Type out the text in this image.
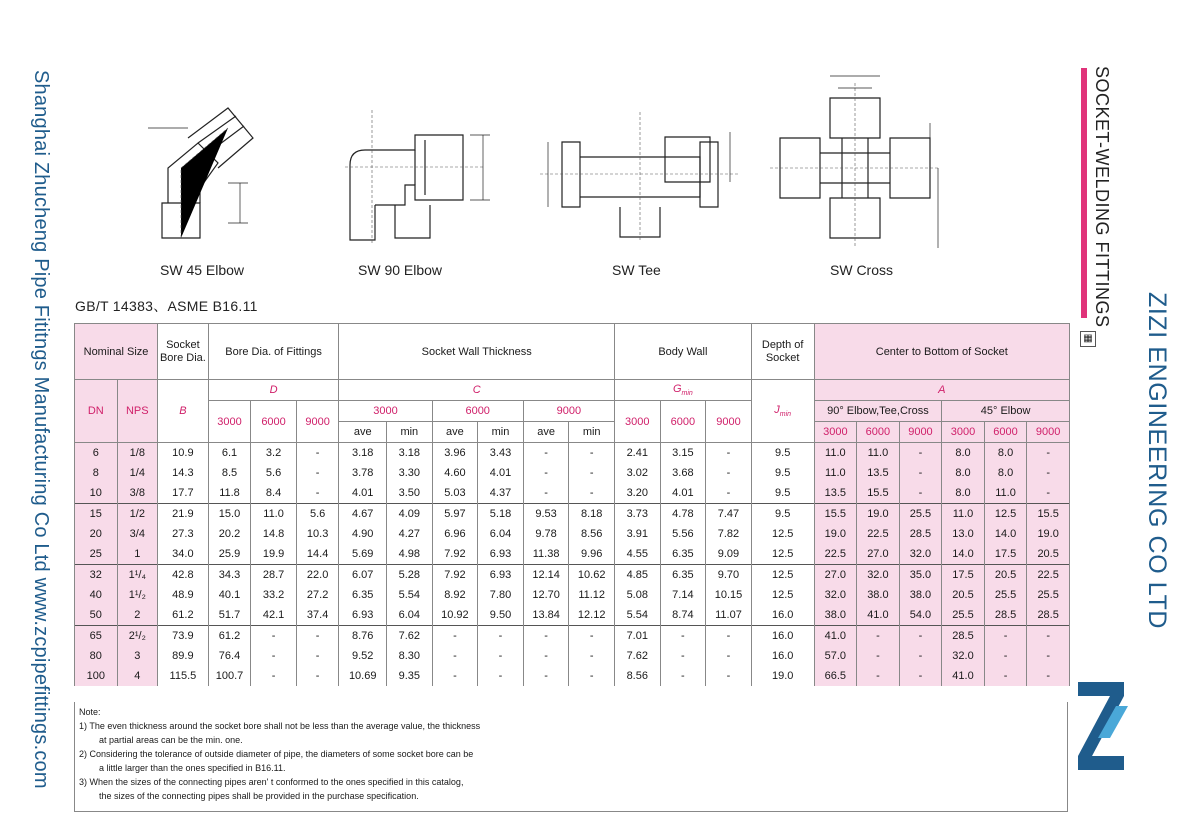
Shanghai Zhucheng Pipe Fititngs Manufacturing Co Ltd www.zcpipefittings.com	SOCKET-WELDING FITTINGS
ZIZI ENGINEERING CO LTD
▦
SW 45 Elbow	SW 90 Elbow	SW Tee	SW Cross
GB/T 14383、ASME B16.11
Nominal Size		Socket
Bore Dia.	Bore Dia. of Fittings			Socket Wall Thickness						Body Wall			Depth of
Socket	Center to Bottom of Socket					
DN	NPS	B	D			C						$G_{min}$			$J_{min}$	A					
			3000	6000	9000	3000		6000		9000		3000	6000	9000		90° Elbow,Tee,Cross			45° Elbow		
						ave	min	ave	min	ave	min					3000	6000	9000	3000	6000	9000
6	1/8	10.9	6.1	3.2	-	3.18	3.18	3.96	3.43	-	-	2.41	3.15	-	9.5	11.0	11.0	-	8.0	8.0	-
8	1/4	14.3	8.5	5.6	-	3.78	3.30	4.60	4.01	-	-	3.02	3.68	-	9.5	11.0	13.5	-	8.0	8.0	-
10	3/8	17.7	11.8	8.4	-	4.01	3.50	5.03	4.37	-	-	3.20	4.01	-	9.5	13.5	15.5	-	8.0	11.0	-
15	1/2	21.9	15.0	11.0	5.6	4.67	4.09	5.97	5.18	9.53	8.18	3.73	4.78	7.47	9.5	15.5	19.0	25.5	11.0	12.5	15.5
20	3/4	27.3	20.2	14.8	10.3	4.90	4.27	6.96	6.04	9.78	8.56	3.91	5.56	7.82	12.5	19.0	22.5	28.5	13.0	14.0	19.0
25	1	34.0	25.9	19.9	14.4	5.69	4.98	7.92	6.93	11.38	9.96	4.55	6.35	9.09	12.5	22.5	27.0	32.0	14.0	17.5	20.5
32	1¹/₄	42.8	34.3	28.7	22.0	6.07	5.28	7.92	6.93	12.14	10.62	4.85	6.35	9.70	12.5	27.0	32.0	35.0	17.5	20.5	22.5
40	1¹/₂	48.9	40.1	33.2	27.2	6.35	5.54	8.92	7.80	12.70	11.12	5.08	7.14	10.15	12.5	32.0	38.0	38.0	20.5	25.5	25.5
50	2	61.2	51.7	42.1	37.4	6.93	6.04	10.92	9.50	13.84	12.12	5.54	8.74	11.07	16.0	38.0	41.0	54.0	25.5	28.5	28.5
65	2¹/₂	73.9	61.2	-	-	8.76	7.62	-	-	-	-	7.01	-	-	16.0	41.0	-	-	28.5	-	-
80	3	89.9	76.4	-	-	9.52	8.30	-	-	-	-	7.62	-	-	16.0	57.0	-	-	32.0	-	-
100	4	115.5	100.7	-	-	10.69	9.35	-	-	-	-	8.56	-	-	19.0	66.5	-	-	41.0	-	-
Note:
1) The even thickness around the socket bore shall not be less than the average value, the thickness
at partial areas can be the min. one.
2) Considering the tolerance of outside diameter of pipe, the diameters of some socket bore can be
a little larger than the ones specified in B16.11.
3) When the sizes of the connecting pipes aren' t conformed to the ones specified in this catalog,
the sizes of the connecting pipes shall be provided in the purchase specification.
